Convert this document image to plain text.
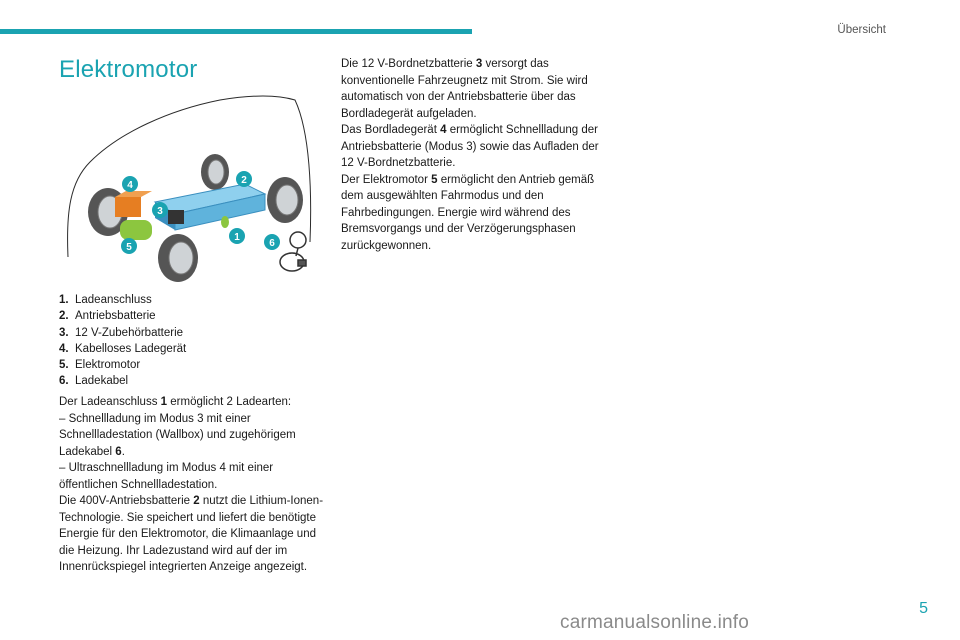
Übersicht
Elektromotor
4	2
3
1
5	6
1. Ladeanschluss
2. Antriebsbatterie
3. 12 V-Zubehörbatterie
4. Kabelloses Ladegerät
5. Elektromotor
6. Ladekabel
Der Ladeanschluss 1 ermöglicht 2 Ladearten:
– Schnellladung im Modus 3 mit einer Schnellladestation (Wallbox) und zugehörigem Ladekabel 6.
– Ultraschnellladung im Modus 4 mit einer öffentlichen Schnellladestation.
Die 400V-Antriebsbatterie 2 nutzt die Lithium-Ionen-Technologie. Sie speichert und liefert die benötigte Energie für den Elektromotor, die Klimaanlage und die Heizung. Ihr Ladezustand wird auf der im Innenrückspiegel integrierten Anzeige angezeigt.
Die 12 V-Bordnetzbatterie 3 versorgt das konventionelle Fahrzeugnetz mit Strom. Sie wird automatisch von der Antriebsbatterie über das Bordladegerät aufgeladen.
Das Bordladegerät 4 ermöglicht Schnellladung der Antriebsbatterie (Modus 3) sowie das Aufladen der 12 V-Bordnetzbatterie.
Der Elektromotor 5 ermöglicht den Antrieb gemäß dem ausgewählten Fahrmodus und den Fahrbedingungen. Energie wird während des Bremsvorgangs und der Verzögerungsphasen zurückgewonnen.
carmanualsonline.info
5
